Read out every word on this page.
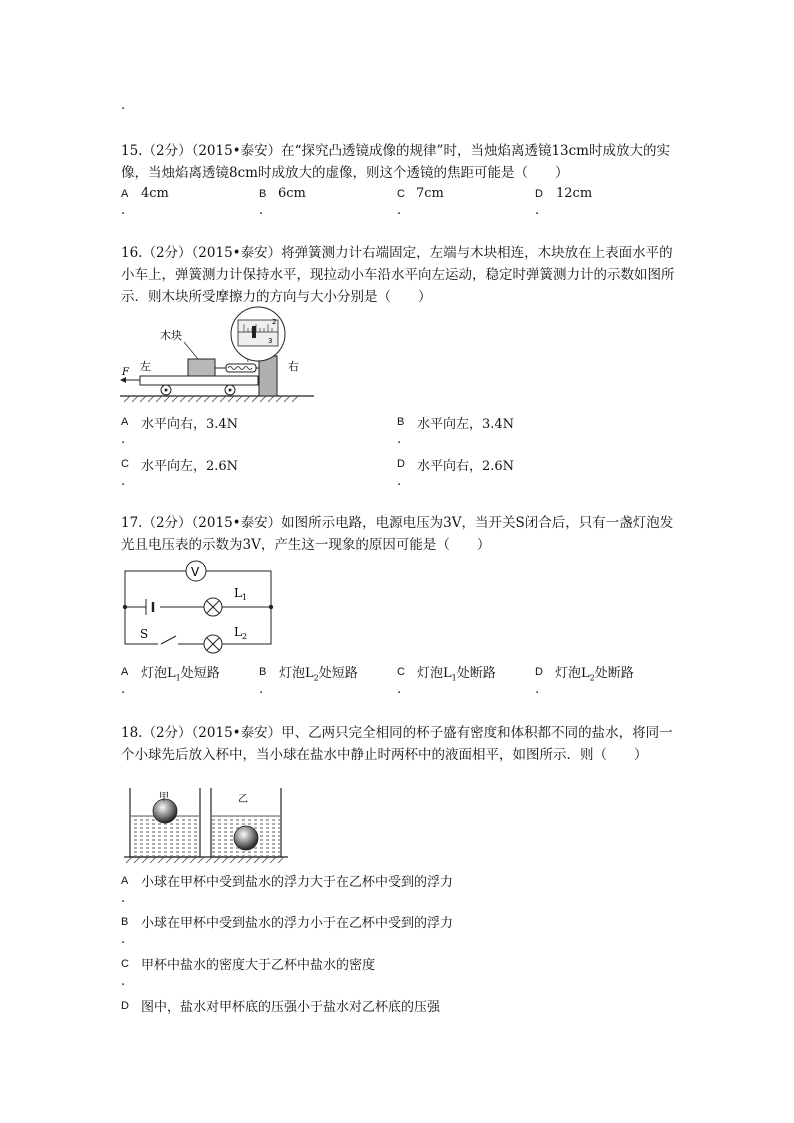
.
15.（2分）（2015•泰安）在“探究凸透镜成像的规律”时，当烛焰离透镜13cm时成放大的实像，当烛焰离透镜8cm时成放大的虚像，则这个透镜的焦距可能是（　　）
A 4cm
.
B 6cm
.
C 7cm
.
D 12cm
.
16.（2分）（2015•泰安）将弹簧测力计右端固定，左端与木块相连，木块放在上表面水平的小车上，弹簧测力计保持水平，现拉动小车沿水平向左运动，稳定时弹簧测力计的示数如图所示．则木块所受摩擦力的方向与大小分别是（　　）
F
木块
左	右
2
3
A 水平向右，3.4N
.
B 水平向左，3.4N
.
C 水平向左，2.6N
.
D 水平向右，2.6N
.
17.（2分）（2015•泰安）如图所示电路，电源电压为3V，当开关S闭合后，只有一盏灯泡发光且电压表的示数为3V，产生这一现象的原因可能是（　　）
V
$L_1$
$L_2$
S
A 灯泡$L_1$处短路
.
B 灯泡$L_2$处短路
.
C 灯泡$L_1$处断路
.
D 灯泡$L_2$处断路
.
18.（2分）（2015•泰安）甲、乙两只完全相同的杯子盛有密度和体积都不同的盐水，将同一个小球先后放入杯中，当小球在盐水中静止时两杯中的液面相平，如图所示．则（　　）
甲	乙
A 小球在甲杯中受到盐水的浮力大于在乙杯中受到的浮力
.
B 小球在甲杯中受到盐水的浮力小于在乙杯中受到的浮力
.
C 甲杯中盐水的密度大于乙杯中盐水的密度
.
D 图中，盐水对甲杯底的压强小于盐水对乙杯底的压强
